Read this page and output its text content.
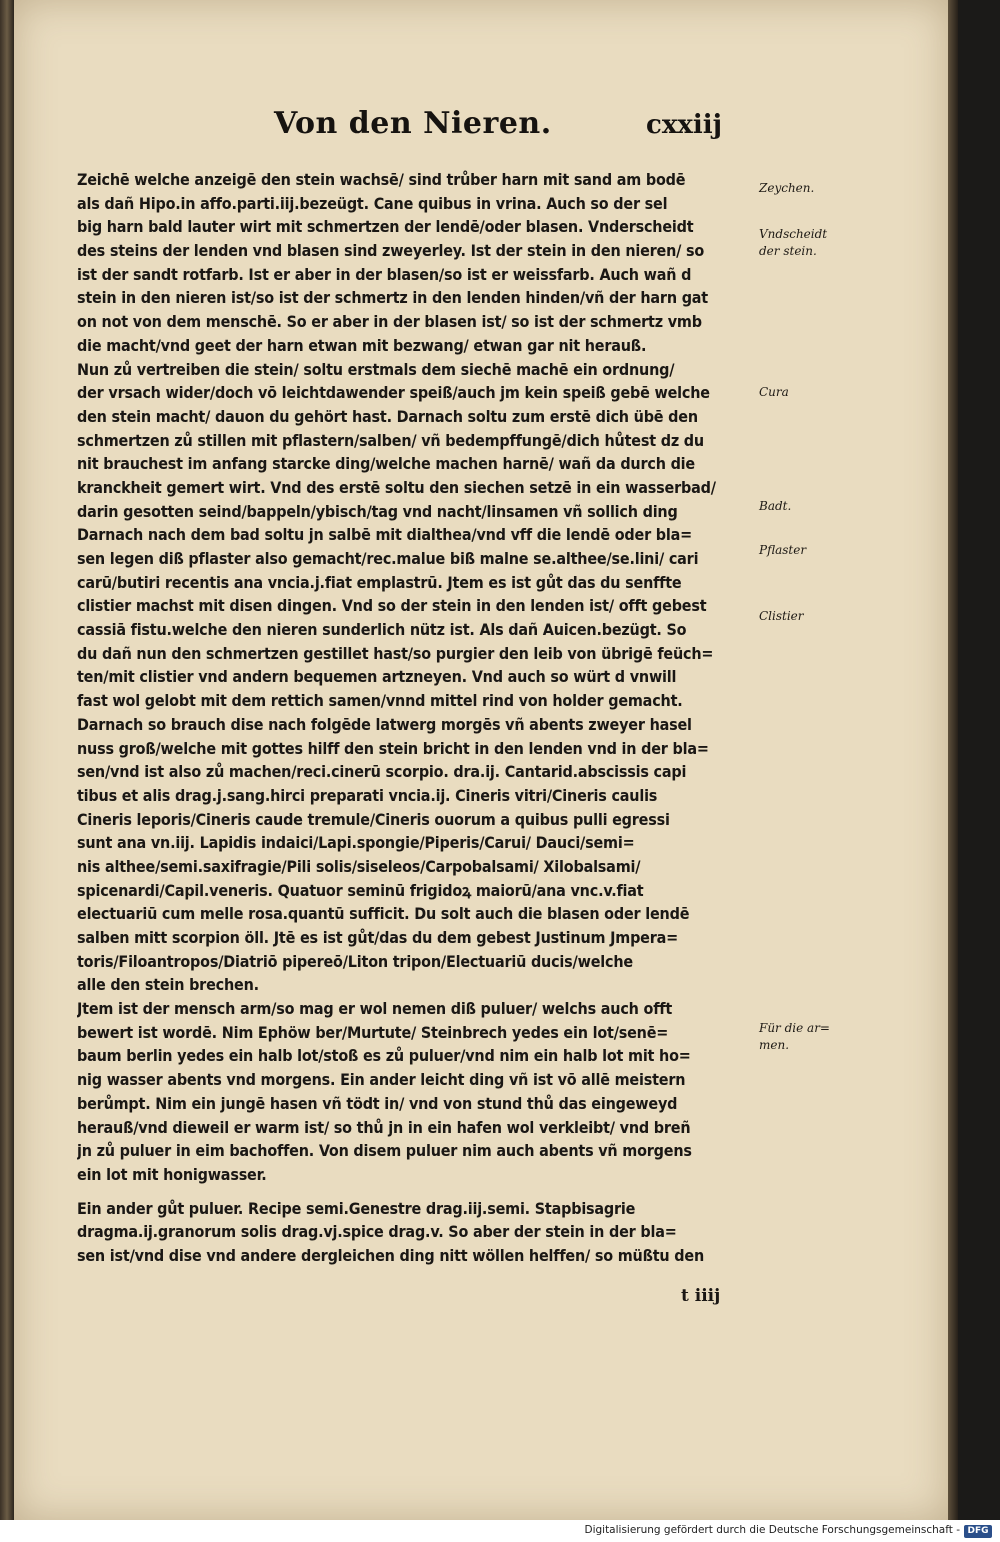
Von den Nieren.	cxxiij
Zeichē welche anzeigē den stein wachsē/ sind trůber harn mit sand am bodē
als dañ Hipo.in affo.parti.iij.bezeügt. Cane quibus in vrina. Auch so der sel
big harn bald lauter wirt mit schmertzen der lendē/oder blasen. Vnderscheidt
des steins der lenden vnd blasen sind zweyerley. Ist der stein in den nieren/ so
ist der sandt rotfarb. Ist er aber in der blasen/so ist er weissfarb. Auch wañ d
stein in den nieren ist/so ist der schmertz in den lenden hinden/vñ der harn gat
on not von dem menschē. So er aber in der blasen ist/ so ist der schmertz vmb
die macht/vnd geet der harn etwan mit bezwang/ etwan gar nit herauß.
Nun zů vertreiben die stein/ soltu erstmals dem siechē machē ein ordnung/
der vrsach wider/doch vō leichtdawender speiß/auch jm kein speiß gebē welche
den stein macht/ dauon du gehört hast. Darnach soltu zum erstē dich übē den
schmertzen zů stillen mit pflastern/salben/ vñ bedempffungē/dich hůtest dz du
nit brauchest im anfang starcke ding/welche machen harnē/ wañ da durch die
kranckheit gemert wirt. Vnd des erstē soltu den siechen setzē in ein wasserbad/
darin gesotten seind/bappeln/ybisch/tag vnd nacht/linsamen vñ sollich ding
Darnach nach dem bad soltu jn salbē mit dialthea/vnd vff die lendē oder bla=
sen legen diß pflaster also gemacht/rec.malue biß malne se.althee/se.lini/ cari
carū/butiri recentis ana vncia.j.fiat emplastrū. Jtem es ist gůt das du senffte
clistier machst mit disen dingen. Vnd so der stein in den lenden ist/ offt gebest
cassiā fistu.welche den nieren sunderlich nütz ist. Als dañ Auicen.bezügt. So
du dañ nun den schmertzen gestillet hast/so purgier den leib von übrigē feüch=
ten/mit clistier vnd andern bequemen artzneyen. Vnd auch so würt d vnwill
fast wol gelobt mit dem rettich samen/vnnd mittel rind von holder gemacht.
Darnach so brauch dise nach folgēde latwerg morgēs vñ abents zweyer hasel
nuss groß/welche mit gottes hilff den stein bricht in den lenden vnd in der bla=
sen/vnd ist also zů machen/reci.cinerū scorpio. dra.ij. Cantarid.abscissis capi
tibus et alis drag.j.sang.hirci preparati vncia.ij. Cineris vitri/Cineris caulis
Cineris leporis/Cineris caude tremule/Cineris ouorum a quibus pulli egressi
sunt ana vn.iij. Lapidis indaici/Lapi.spongie/Piperis/Carui/ Dauci/semi=
nis althee/semi.saxifragie/Pili solis/siseleos/Carpobalsami/ Xilobalsami/
spicenardi/Capil.veneris. Quatuor seminū frigidoꝝ maiorū/ana vnc.v.fiat
electuariū cum melle rosa.quantū sufficit. Du solt auch die blasen oder lendē
salben mitt scorpion öll. Jtē es ist gůt/das du dem gebest Justinum Jmpera=
toris/Filoantropos/Diatriō pipereō/Liton tripon/Electuariū ducis/welche
alle den stein brechen.
Jtem ist der mensch arm/so mag er wol nemen diß puluer/ welchs auch offt
bewert ist wordē. Nim Ephöw ber/Murtute/ Steinbrech yedes ein lot/senē=
baum berlin yedes ein halb lot/stoß es zů puluer/vnd nim ein halb lot mit ho=
nig wasser abents vnd morgens. Ein ander leicht ding vñ ist vō allē meistern
berůmpt. Nim ein jungē hasen vñ tödt in/ vnd von stund thů das eingeweyd
herauß/vnd dieweil er warm ist/ so thů jn in ein hafen wol verkleibt/ vnd breñ
jn zů puluer in eim bachoffen. Von disem puluer nim auch abents vñ morgens
ein lot mit honigwasser.
Ein ander gůt puluer. Recipe semi.Genestre drag.iij.semi. Stapbisagrie
dragma.ij.granorum solis drag.vj.spice drag.v. So aber der stein in der bla=
sen ist/vnd dise vnd andere dergleichen ding nitt wöllen helffen/ so müßtu den
Zeychen.
Vndscheidt
der stein.
Cura
Badt.
Pflaster
Clistier
Für die ar=
men.
t iiij
Digitalisierung gefördert durch die Deutsche Forschungsgemeinschaft - DFG
